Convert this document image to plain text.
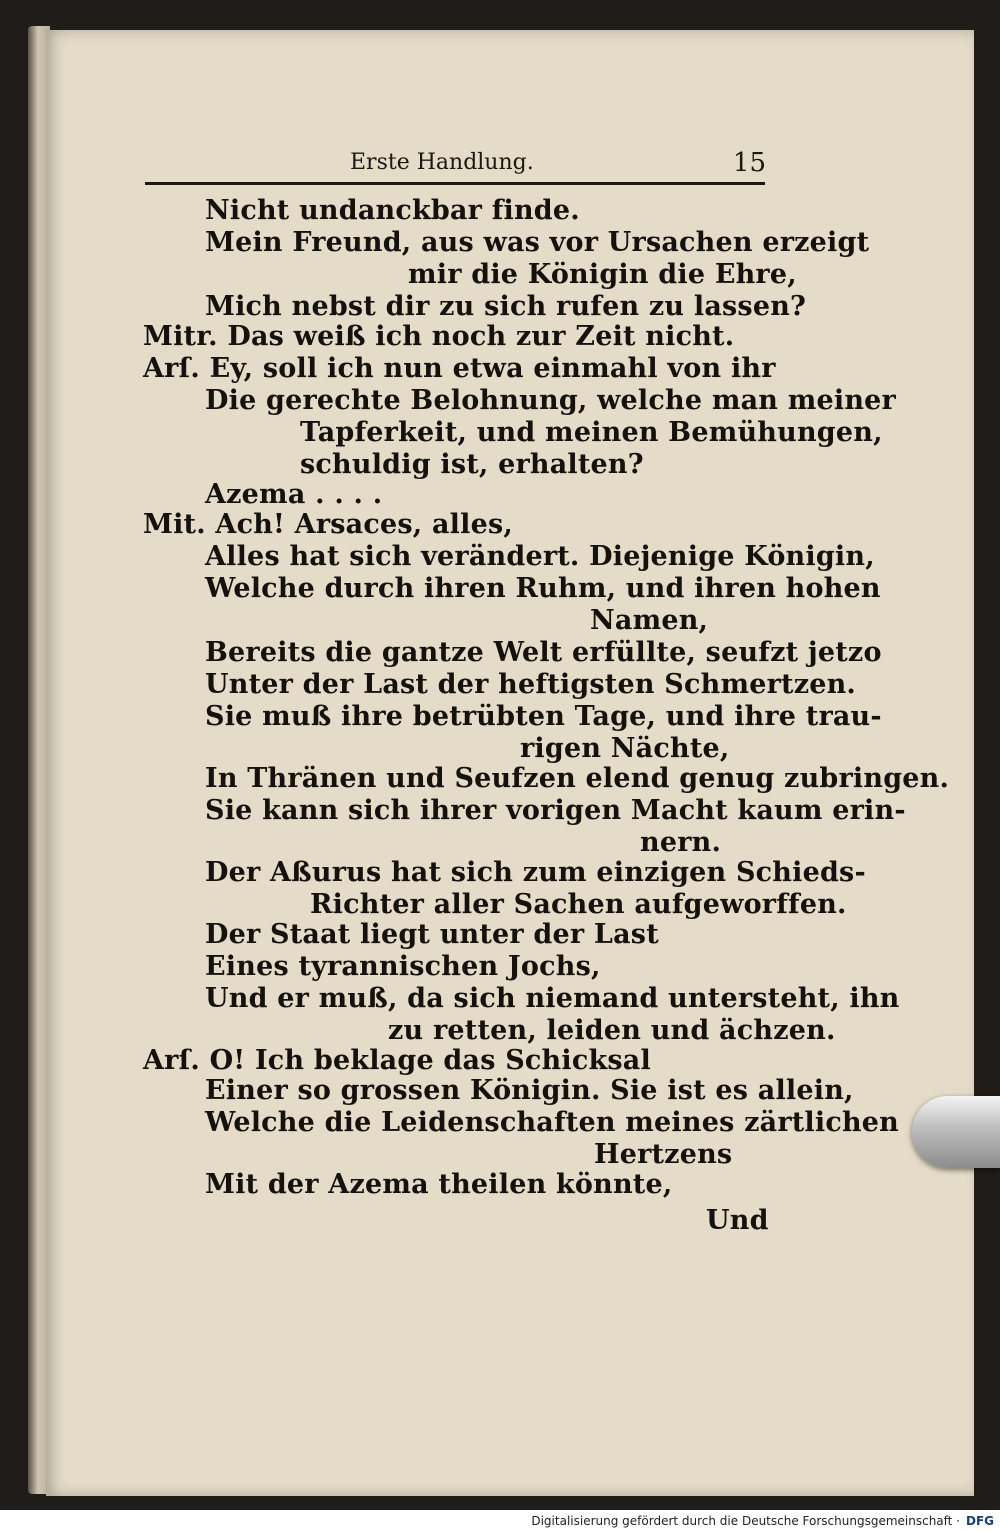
Erste Handlung.	15
Nicht undanckbar finde.
Mein Freund, aus was vor Ursachen erzeigt
mir die Königin die Ehre,
Mich nebst dir zu sich rufen zu lassen?
Mitr. Das weiß ich noch zur Zeit nicht.
Arſ. Ey, soll ich nun etwa einmahl von ihr
Die gerechte Belohnung, welche man meiner
Tapferkeit, und meinen Bemühungen,
schuldig ist, erhalten?
Azema . . . .
Mit. Ach! Arsaces, alles,
Alles hat sich verändert. Diejenige Königin,
Welche durch ihren Ruhm, und ihren hohen
Namen,
Bereits die gantze Welt erfüllte, seufzt jetzo
Unter der Last der heftigsten Schmertzen.
Sie muß ihre betrübten Tage, und ihre trau-
rigen Nächte,
In Thränen und Seufzen elend genug zubringen.
Sie kann sich ihrer vorigen Macht kaum erin-
nern.
Der Aßurus hat sich zum einzigen Schieds-
Richter aller Sachen aufgeworffen.
Der Staat liegt unter der Last
Eines tyrannischen Jochs,
Und er muß, da sich niemand untersteht, ihn
zu retten, leiden und ächzen.
Arſ. O! Ich beklage das Schicksal
Einer so grossen Königin. Sie ist es allein,
Welche die Leidenschaften meines zärtlichen
Hertzens
Mit der Azema theilen könnte,
Und
Digitalisierung gefördert durch die Deutsche Forschungsgemeinschaft · DFG
